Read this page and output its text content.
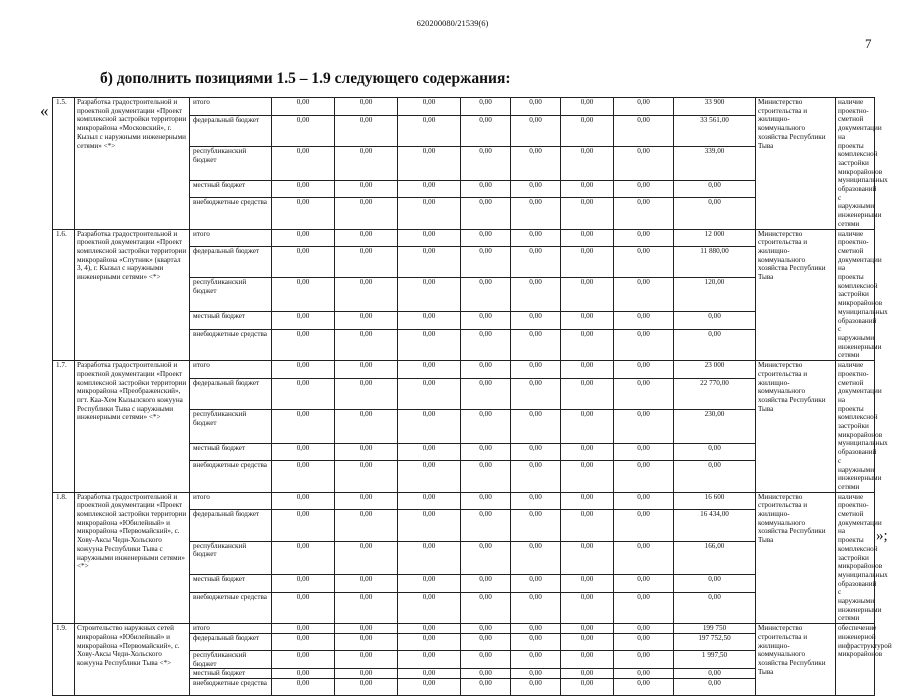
620200080/21539(6)
7
б) дополнить позициями 1.5 – 1.9 следующего содержания:
«
»;
1.5.	Разработка градостроительной и проектной документации «Проект комплексной застройки территории микрорайона «Московский», г. Кызыл с наружными инженерными сетями» <*>	итого	0,00	0,00	0,00	0,00	0,00	0,00	0,00	33 900	Министерство строительства и жилищно-коммунального хозяйства Республики Тыва	наличие проектно-сметной документации на проекты комплексной застройки микрорайонов муниципальных образований с наружными инженерными сетями
		федеральный бюджет	0,00	0,00	0,00	0,00	0,00	0,00	0,00	33 561,00		
		республиканский бюджет	0,00	0,00	0,00	0,00	0,00	0,00	0,00	339,00		
		местный бюджет	0,00	0,00	0,00	0,00	0,00	0,00	0,00	0,00		
		внебюджетные средства	0,00	0,00	0,00	0,00	0,00	0,00	0,00	0,00		
1.6.	Разработка градостроительной и проектной документации «Проект комплексной застройки территории микрорайона «Спутник» (квартал 3, 4), г. Кызыл с наружными инженерными сетями» <*>	итого	0,00	0,00	0,00	0,00	0,00	0,00	0,00	12 000	Министерство строительства и жилищно-коммунального хозяйства Республики Тыва	наличие проектно-сметной документации на проекты комплексной застройки микрорайонов муниципальных образований с наружными инженерными сетями
		федеральный бюджет	0,00	0,00	0,00	0,00	0,00	0,00	0,00	11 880,00		
		республиканский бюджет	0,00	0,00	0,00	0,00	0,00	0,00	0,00	120,00		
		местный бюджет	0,00	0,00	0,00	0,00	0,00	0,00	0,00	0,00		
		внебюджетные средства	0,00	0,00	0,00	0,00	0,00	0,00	0,00	0,00		
1.7.	Разработка градостроительной и проектной документации «Проект комплексной застройки территории микрорайона «Преображенский», пгт. Каа-Хем Кызылского кожууна Республики Тыва с наружными инженерными сетями» <*>	итого	0,00	0,00	0,00	0,00	0,00	0,00	0,00	23 000	Министерство строительства и жилищно-коммунального хозяйства Республики Тыва	наличие проектно-сметной документации на проекты комплексной застройки микрорайонов муниципальных образований с наружными инженерными сетями
		федеральный бюджет	0,00	0,00	0,00	0,00	0,00	0,00	0,00	22 770,00		
		республиканский бюджет	0,00	0,00	0,00	0,00	0,00	0,00	0,00	230,00		
		местный бюджет	0,00	0,00	0,00	0,00	0,00	0,00	0,00	0,00		
		внебюджетные средства	0,00	0,00	0,00	0,00	0,00	0,00	0,00	0,00		
1.8.	Разработка градостроительной и проектной документации «Проект комплексной застройки территории микрорайона «Юбилейный» и микрорайона «Первомайский», с. Хову-Аксы Чеди-Хольского кожууна Республики Тыва с наружными инженерными сетями» <*>	итого	0,00	0,00	0,00	0,00	0,00	0,00	0,00	16 600	Министерство строительства и жилищно-коммунального хозяйства Республики Тыва	наличие проектно-сметной документации на проекты комплексной застройки микрорайонов муниципальных образований с наружными инженерными сетями
		федеральный бюджет	0,00	0,00	0,00	0,00	0,00	0,00	0,00	16 434,00		
		республиканский бюджет	0,00	0,00	0,00	0,00	0,00	0,00	0,00	166,00		
		местный бюджет	0,00	0,00	0,00	0,00	0,00	0,00	0,00	0,00		
		внебюджетные средства	0,00	0,00	0,00	0,00	0,00	0,00	0,00	0,00		
1.9.	Строительство наружных сетей микрорайона «Юбилейный» и микрорайона «Первомайский», с. Хову-Аксы Чеди-Хольского кожууна Республики Тыва <*>	итого	0,00	0,00	0,00	0,00	0,00	0,00	0,00	199 750	Министерство строительства и жилищно-коммунального хозяйства Республики Тыва	обеспечение инженерной инфраструктурой микрорайонов
		федеральный бюджет	0,00	0,00	0,00	0,00	0,00	0,00	0,00	197 752,50		
		республиканский бюджет	0,00	0,00	0,00	0,00	0,00	0,00	0,00	1 997,50		
		местный бюджет	0,00	0,00	0,00	0,00	0,00	0,00	0,00	0,00		
		внебюджетные средства	0,00	0,00	0,00	0,00	0,00	0,00	0,00	0,00		
